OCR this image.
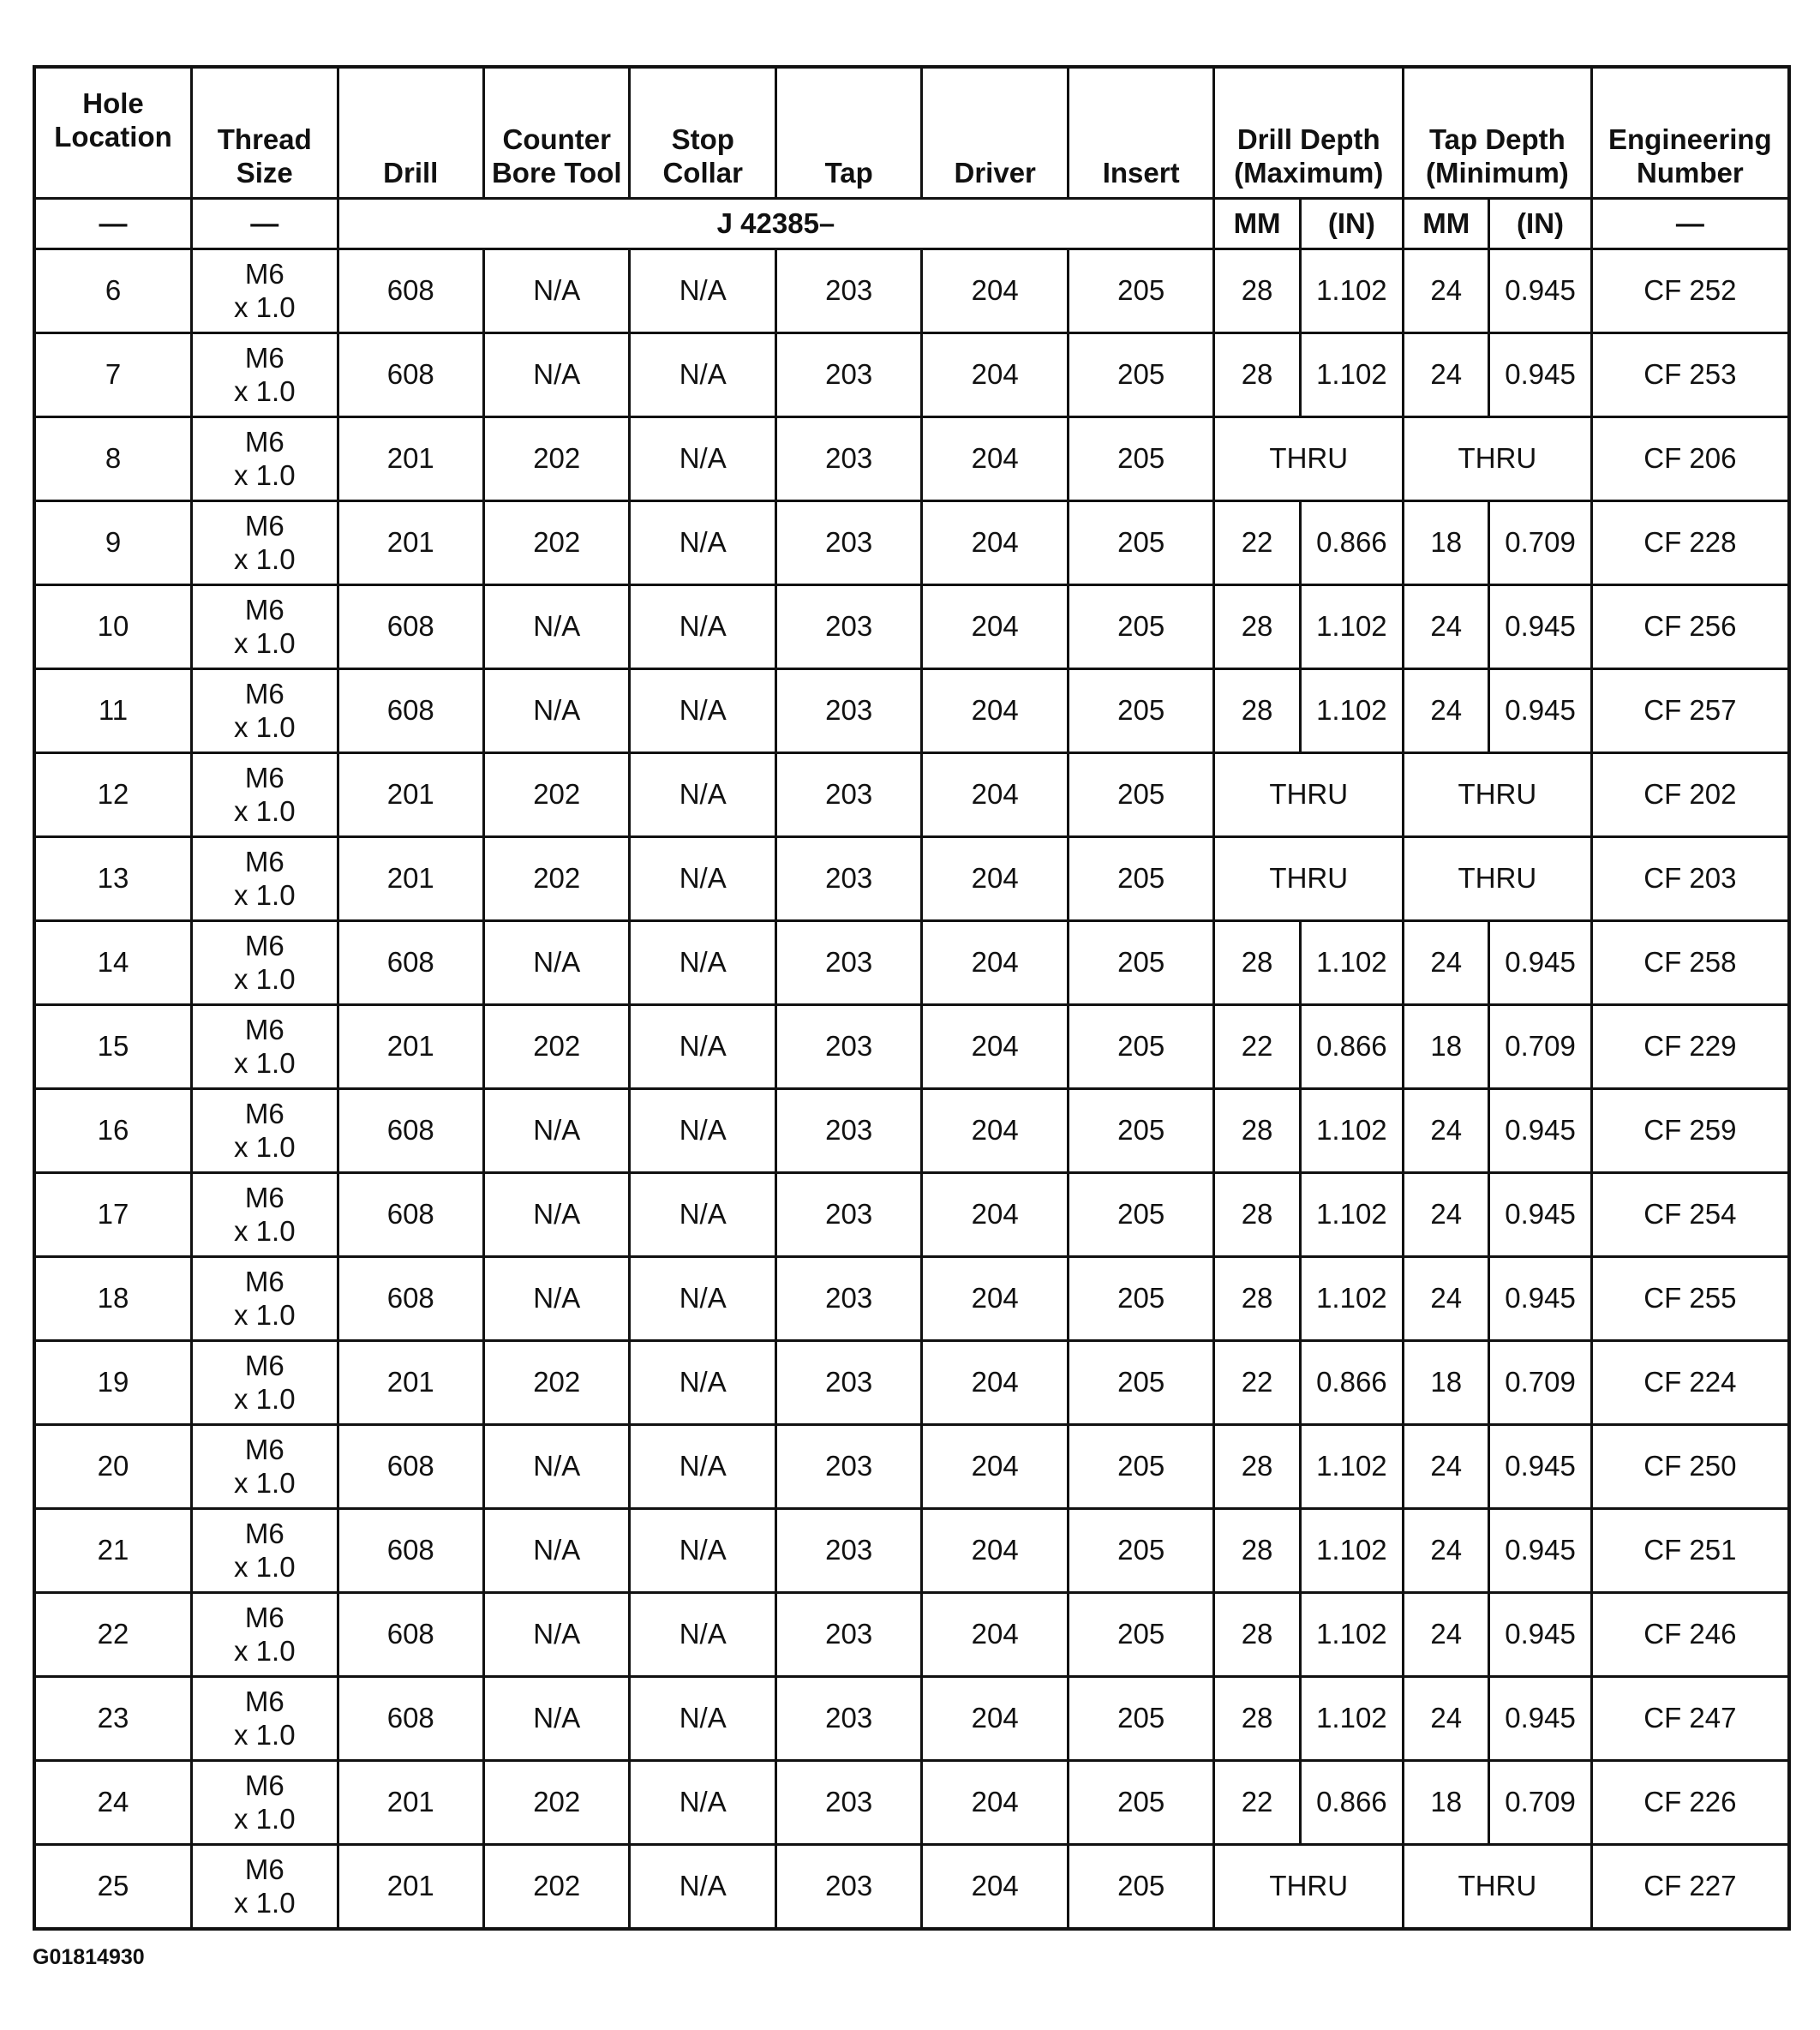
Hole Location	Thread Size	Drill	Counter Bore Tool	Stop Collar	Tap	Driver	Insert	Drill Depth (Maximum)		Tap Depth (Minimum)		Engineering Number
—	—	J 42385–						MM	(IN)	MM	(IN)	—
6	M6
x 1.0	608	N/A	N/A	203	204	205	28	1.102	24	0.945	CF 252
7	M6
x 1.0	608	N/A	N/A	203	204	205	28	1.102	24	0.945	CF 253
8	M6
x 1.0	201	202	N/A	203	204	205	THRU		THRU		CF 206
9	M6
x 1.0	201	202	N/A	203	204	205	22	0.866	18	0.709	CF 228
10	M6
x 1.0	608	N/A	N/A	203	204	205	28	1.102	24	0.945	CF 256
11	M6
x 1.0	608	N/A	N/A	203	204	205	28	1.102	24	0.945	CF 257
12	M6
x 1.0	201	202	N/A	203	204	205	THRU		THRU		CF 202
13	M6
x 1.0	201	202	N/A	203	204	205	THRU		THRU		CF 203
14	M6
x 1.0	608	N/A	N/A	203	204	205	28	1.102	24	0.945	CF 258
15	M6
x 1.0	201	202	N/A	203	204	205	22	0.866	18	0.709	CF 229
16	M6
x 1.0	608	N/A	N/A	203	204	205	28	1.102	24	0.945	CF 259
17	M6
x 1.0	608	N/A	N/A	203	204	205	28	1.102	24	0.945	CF 254
18	M6
x 1.0	608	N/A	N/A	203	204	205	28	1.102	24	0.945	CF 255
19	M6
x 1.0	201	202	N/A	203	204	205	22	0.866	18	0.709	CF 224
20	M6
x 1.0	608	N/A	N/A	203	204	205	28	1.102	24	0.945	CF 250
21	M6
x 1.0	608	N/A	N/A	203	204	205	28	1.102	24	0.945	CF 251
22	M6
x 1.0	608	N/A	N/A	203	204	205	28	1.102	24	0.945	CF 246
23	M6
x 1.0	608	N/A	N/A	203	204	205	28	1.102	24	0.945	CF 247
24	M6
x 1.0	201	202	N/A	203	204	205	22	0.866	18	0.709	CF 226
25	M6
x 1.0	201	202	N/A	203	204	205	THRU		THRU		CF 227
G01814930
